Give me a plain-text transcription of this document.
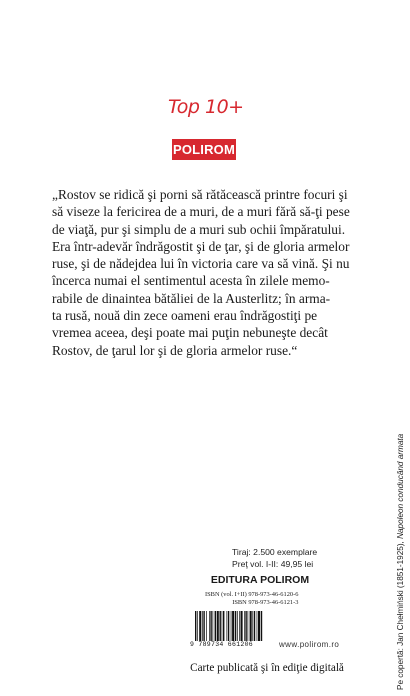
Top 10+
POLIROM

„Rostov se ridică şi porni să rătăcească printre focuri şi

să viseze la fericirea de a muri, de a muri fără să-ţi pese

de viaţă, pur şi simplu de a muri sub ochii împăratului.

Era într-adevăr îndrăgostit şi de ţar, şi de gloria armelor

ruse, şi de nădejdea lui în victoria care va să vină. Şi nu

încerca numai el sentimentul acesta în zilele memo-

rabile de dinaintea bătăliei de la Austerlitz; în arma-

ta rusă, nouă din zece oameni erau îndrăgostiţi pe

vremea aceea, deşi poate mai puţin nebuneşte decât

Rostov, de ţarul lor şi de gloria armelor ruse.“

Tiraj: 2.500 exemplare
Preţ vol. I-II: 49,95 lei
EDITURA POLIROM
ISBN (vol. I+II) 978-973-46-6120-6
ISBN 978-973-46-6121-3
9 789734 661206	www.polirom.ro
Carte publicată şi în ediţie digitală	Pe copertă: Jan Chełmiński (1851-1925), Napoleon conducând armata
